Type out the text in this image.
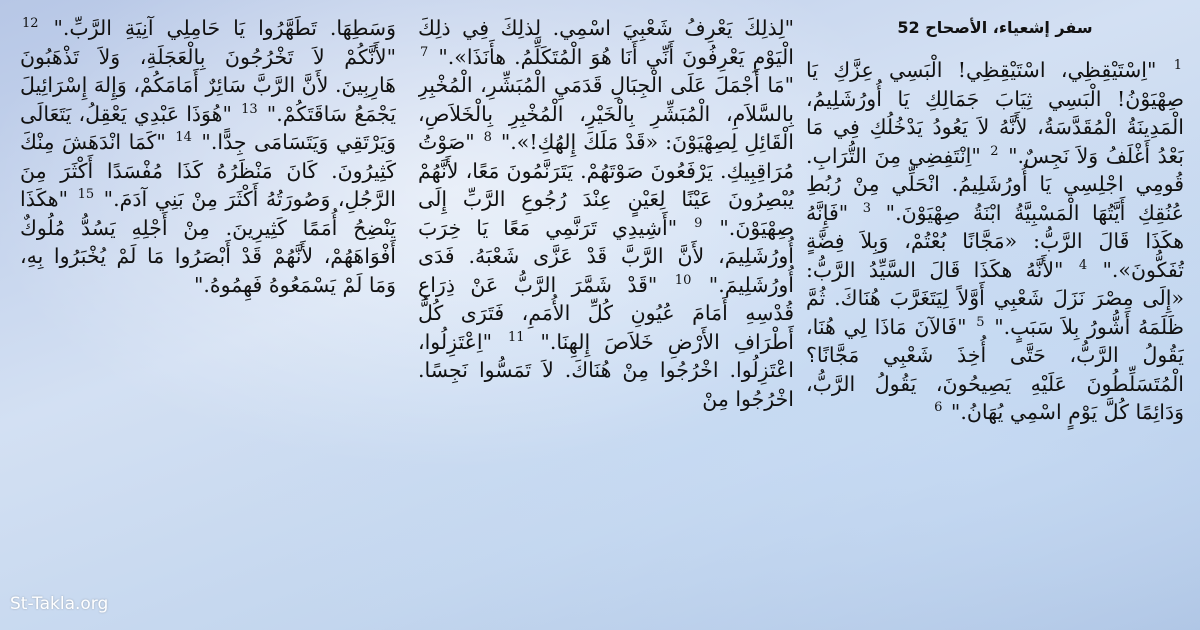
سفر إشعياء، الأصحاح 52

$^1$ "اِسْتَيْقِظِي، اسْتَيْقِظِي! الْبَسِي عِزَّكِ يَا صِهْيَوْنُ! الْبَسِي ثِيَابَ جَمَالِكِ يَا أُورُشَلِيمُ، الْمَدِينَةُ الْمُقَدَّسَةُ، لأَنَّهُ لاَ يَعُودُ يَدْخُلُكِ فِي مَا بَعْدُ أَغْلَفُ وَلاَ نَجِسٌ." $^2$ "اِنْتَفِضِي مِنَ التُّرَابِ. قُومِي اجْلِسِي يَا أُورُشَلِيمُ. انْحَلِّي مِنْ رُبُطِ عُنُقِكِ أَيَّتُهَا الْمَسْبِيَّةُ ابْنَةُ صِهْيَوْنَ." $^3$ "فَإِنَّهُ هكَذَا قَالَ الرَّبُّ: «مَجَّانًا بُعْتُمْ، وَبِلاَ فِضَّةٍ تُفَكُّونَ»." $^4$ "لأَنَّهُ هكَذَا قَالَ السَّيِّدُ الرَّبُّ: «إِلَى مِصْرَ نَزَلَ شَعْبِي أَوَّلاً لِيَتَغَرَّبَ هُنَاكَ. ثُمَّ ظَلَمَهُ أَشُّورُ بِلاَ سَبَبٍ." $^5$ "فَالآنَ مَاذَا لِي هُنَا، يَقُولُ الرَّبُّ، حَتَّى أُخِذَ شَعْبِي مَجَّانًا؟ الْمُتَسَلِّطُونَ عَلَيْهِ يَصِيحُونَ، يَقُولُ الرَّبُّ، وَدَائِمًا كُلَّ يَوْمٍ اسْمِي يُهَانُ." $^6$

"لِذلِكَ يَعْرِفُ شَعْبِيَ اسْمِي. لِذلِكَ فِي ذلِكَ الْيَوْمِ يَعْرِفُونَ أَنِّي أَنَا هُوَ الْمُتَكَلِّمُ. هأَنَذَا»." $^7$ "مَا أَجْمَلَ عَلَى الْجِبَالِ قَدَمَيِ الْمُبَشِّرِ، الْمُخْبِرِ بِالسَّلاَمِ، الْمُبَشِّرِ بِالْخَيْرِ، الْمُخْبِرِ بِالْخَلاَصِ، الْقَائِلِ لِصِهْيَوْنَ: «قَدْ مَلَكَ إِلهُكِ!»." $^8$ "صَوْتُ مُرَاقِبِيكِ. يَرْفَعُونَ صَوْتَهُمْ. يَتَرَنَّمُونَ مَعًا، لأَنَّهُمْ يُبْصِرُونَ عَيْنًا لِعَيْنٍ عِنْدَ رُجُوعِ الرَّبِّ إِلَى صِهْيَوْنَ." $^9$ "أَشِيدِي تَرَنَّمِي مَعًا يَا خِرَبَ أُورُشَلِيمَ، لأَنَّ الرَّبَّ قَدْ عَزَّى شَعْبَهُ. فَدَى أُورُشَلِيمَ." $^{10}$ "قَدْ شَمَّرَ الرَّبُّ عَنْ ذِرَاعِ قُدْسِهِ أَمَامَ عُيُونِ كُلِّ الأُمَمِ، فَتَرَى كُلُّ أَطْرَافِ الأَرْضِ خَلاَصَ إِلهِنَا." $^{11}$ "اِعْتَزِلُوا، اعْتَزِلُوا. اخْرُجُوا مِنْ هُنَاكَ. لاَ تَمَسُّوا نَجِسًا. اخْرُجُوا مِنْ

وَسَطِهَا. تَطَهَّرُوا يَا حَامِلِي آنِيَةِ الرَّبِّ." $^{12}$ "لأَنَّكُمْ لاَ تَخْرُجُونَ بِالْعَجَلَةِ، وَلاَ تَذْهَبُونَ هَارِبِينَ. لأَنَّ الرَّبَّ سَائِرٌ أَمَامَكُمْ، وَإِلهَ إِسْرَائِيلَ يَجْمَعُ سَاقَتَكُمْ." $^{13}$ "هُوَذَا عَبْدِي يَعْقِلُ، يَتَعَالَى وَيَرْتَقِي وَيَتَسَامَى جِدًّا." $^{14}$ "كَمَا انْدَهَشَ مِنْكَ كَثِيرُونَ. كَانَ مَنْظَرُهُ كَذَا مُفْسَدًا أَكْثَرَ مِنَ الرَّجُلِ، وَصُورَتُهُ أَكْثَرَ مِنْ بَنِي آدَمَ." $^{15}$ "هكَذَا يَنْضِحُ أُمَمًا كَثِيرِينَ. مِنْ أَجْلِهِ يَسُدُّ مُلُوكٌ أَفْوَاهَهُمْ، لأَنَّهُمْ قَدْ أَبْصَرُوا مَا لَمْ يُخْبَرُوا بِهِ، وَمَا لَمْ يَسْمَعُوهُ فَهِمُوهُ."

St-Takla.org
